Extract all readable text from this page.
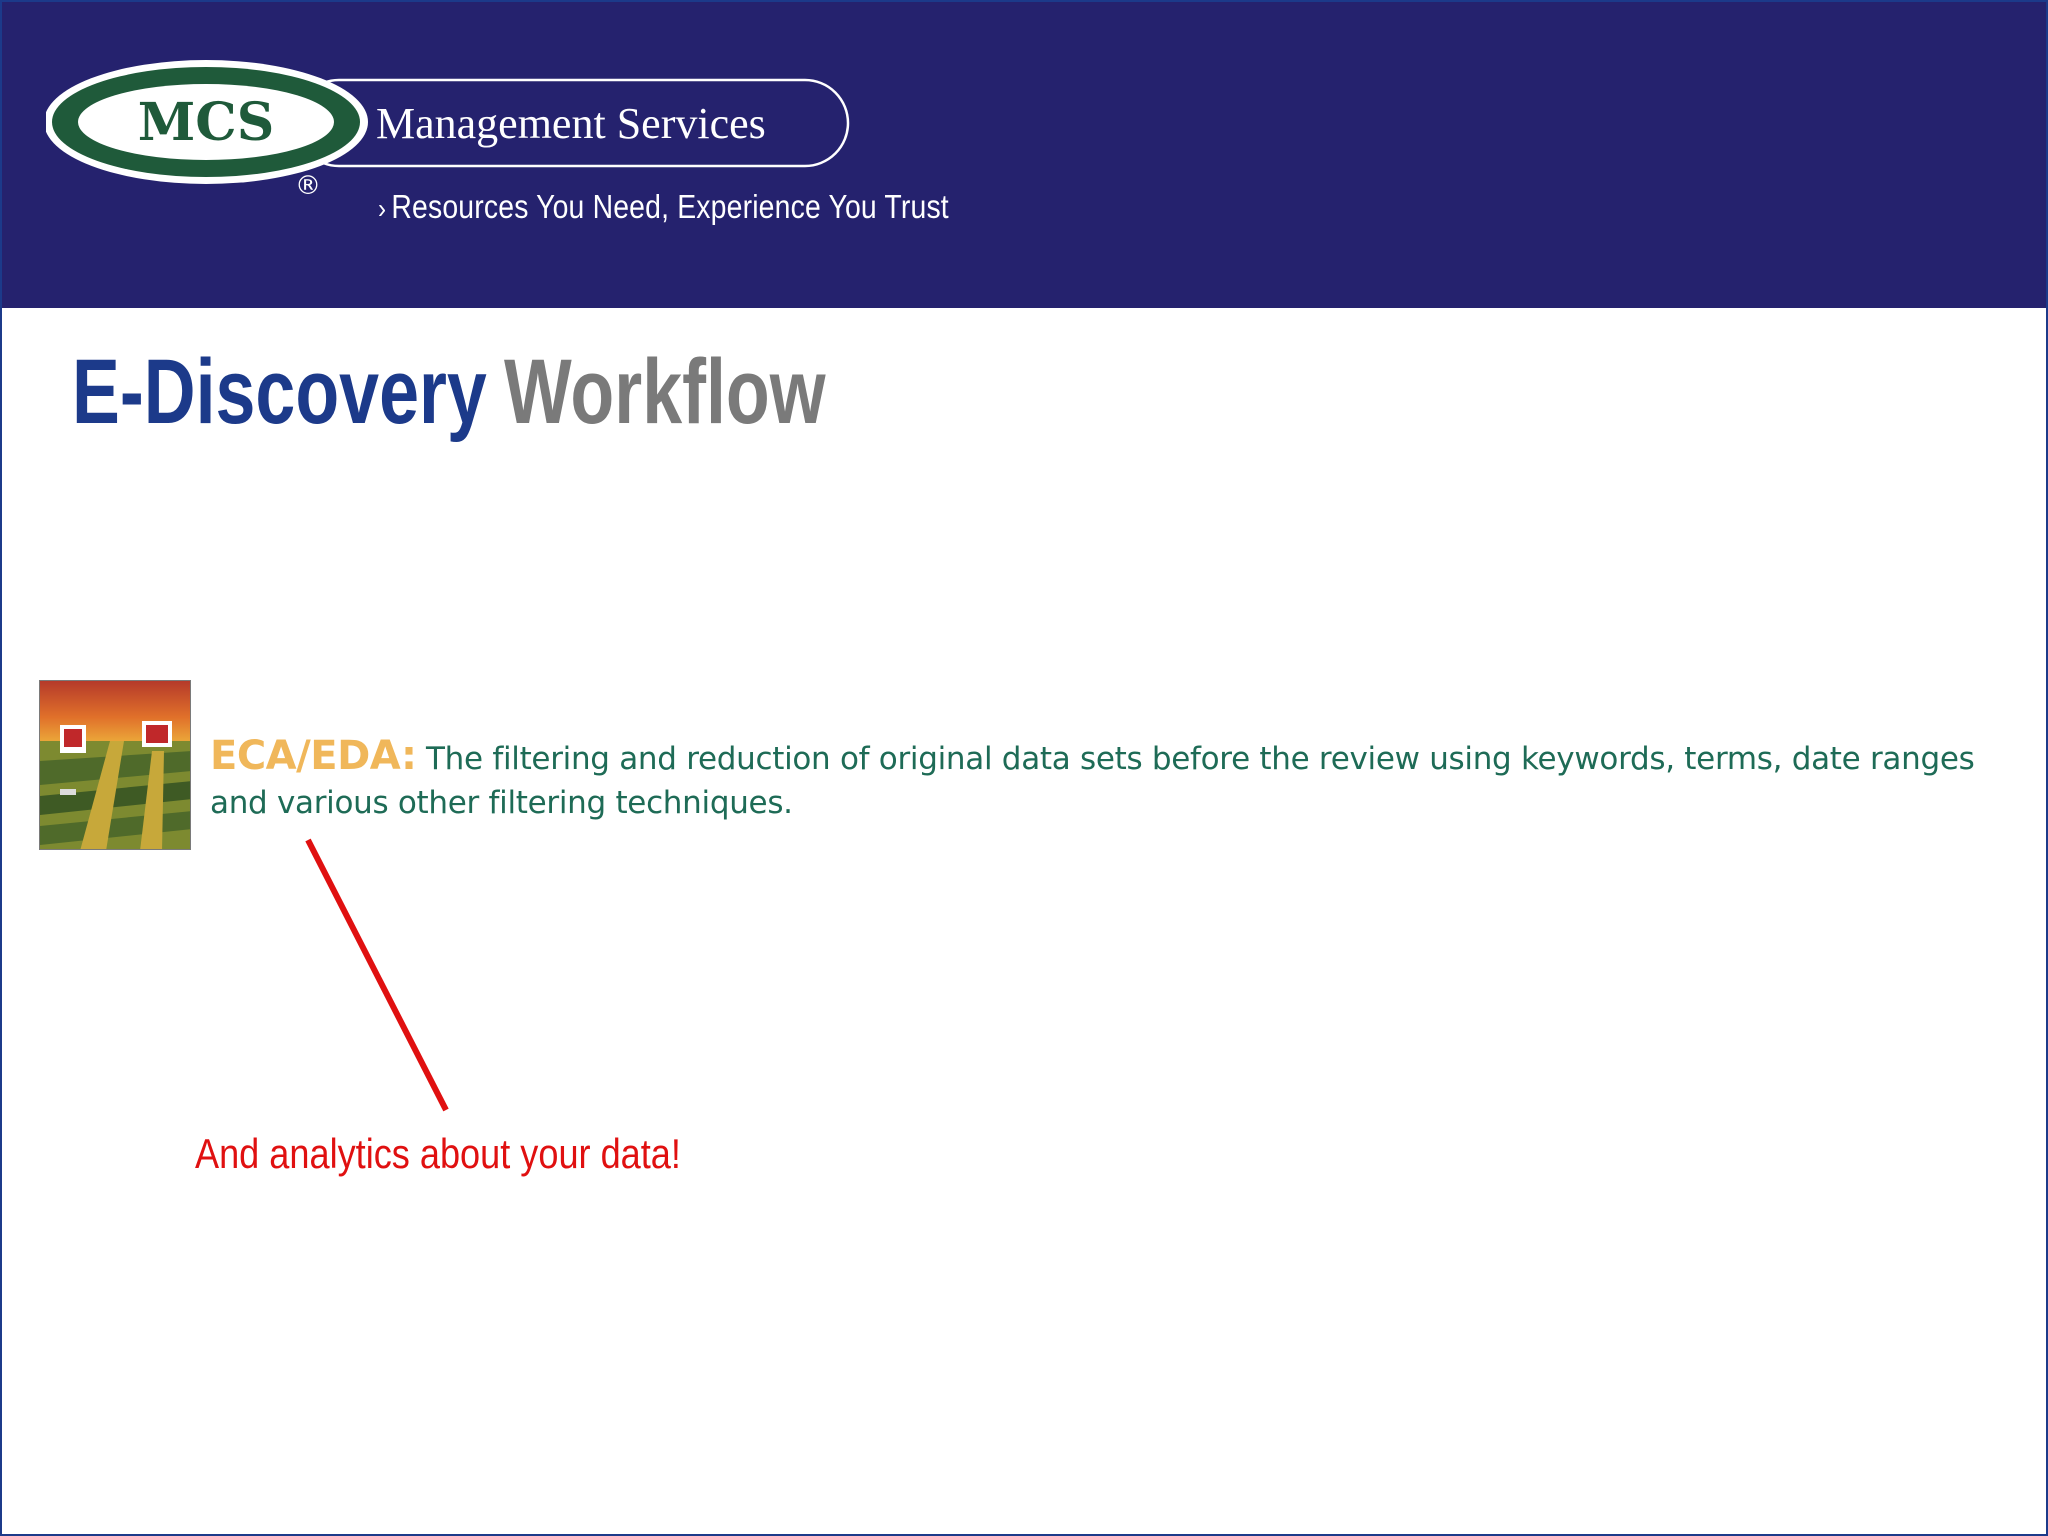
MCS Management Services
®
› Resources You Need, Experience You Trust
E-Discovery Workflow
ECA/EDA: The filtering and reduction of original data sets before the review using keywords, terms, date ranges and various other filtering techniques.
And analytics about your data!
